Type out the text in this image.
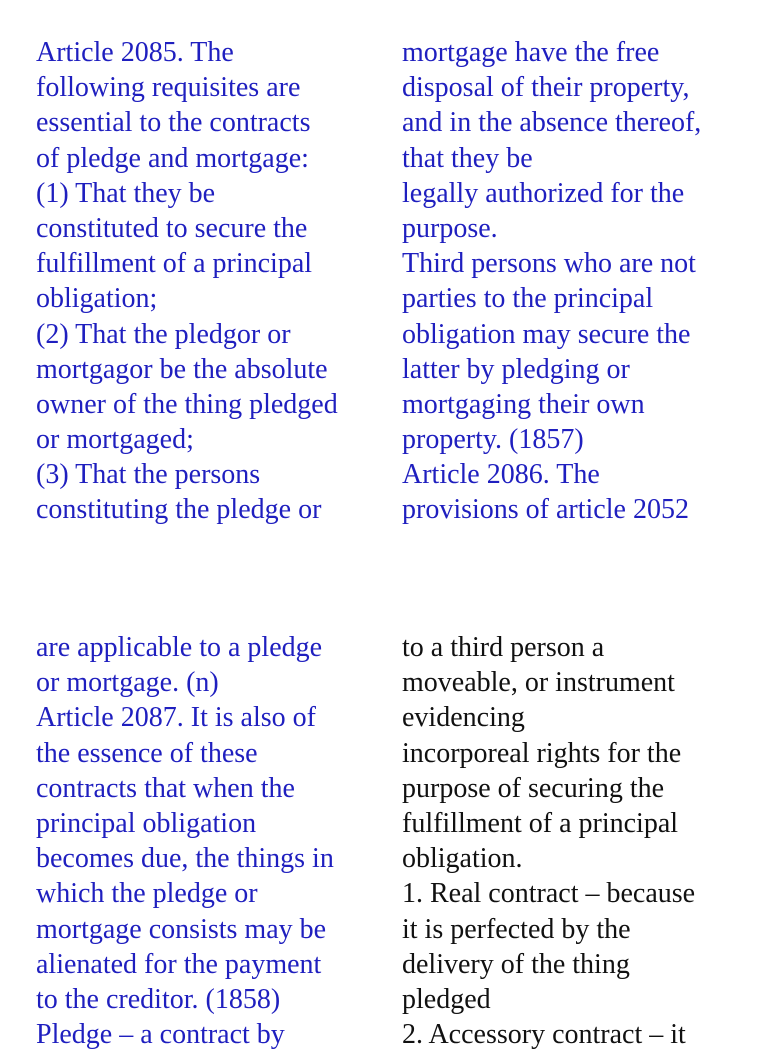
Article 2085. The
following requisites are
essential to the contracts
of pledge and mortgage:
(1) That they be
constituted to secure the
fulfillment of a principal
obligation;
(2) That the pledgor or
mortgagor be the absolute
owner of the thing pledged
or mortgaged;
(3) That the persons
constituting the pledge or
mortgage have the free
disposal of their property,
and in the absence thereof,
that they be
legally authorized for the
purpose.
Third persons who are not
parties to the principal
obligation may secure the
latter by pledging or
mortgaging their own
property. (1857)
Article 2086. The
provisions of article 2052
are applicable to a pledge
or mortgage. (n)
Article 2087. It is also of
the essence of these
contracts that when the
principal obligation
becomes due, the things in
which the pledge or
mortgage consists may be
alienated for the payment
to the creditor. (1858)
Pledge – a contract by
to a third person a
moveable, or instrument
evidencing
incorporeal rights for the
purpose of securing the
fulfillment of a principal
obligation.
1. Real contract – because
it is perfected by the
delivery of the thing
pledged
2. Accessory contract – it
